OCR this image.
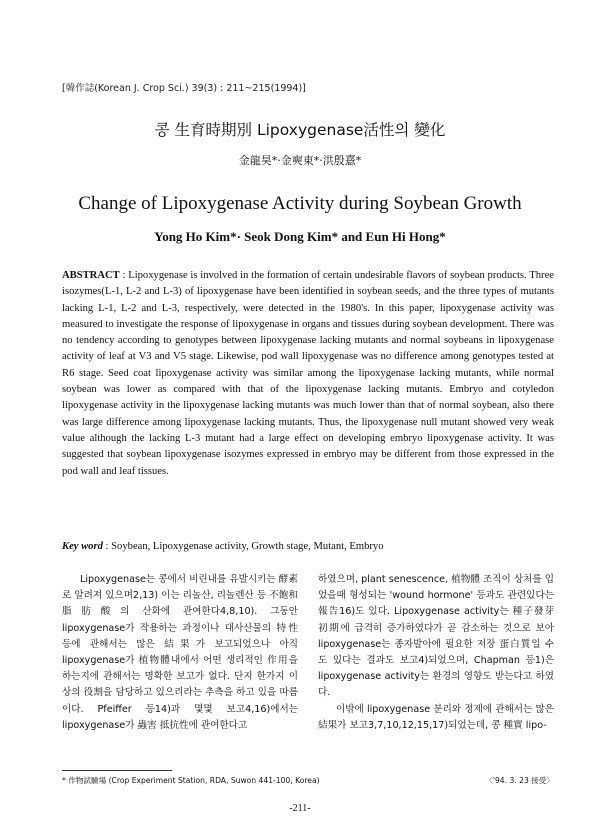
[韓作誌(Korean J. Crop Sci.) 39(3) : 211~215(1994)]
콩 生育時期別 Lipoxygenase活性의 變化
金龍昊*·金奭東*·洪殷憙*
Change of Lipoxygenase Activity during Soybean Growth
Yong Ho Kim*· Seok Dong Kim* and Eun Hi Hong*
ABSTRACT : Lipoxygenase is involved in the formation of certain undesirable flavors of soybean products. Three isozymes(L-1, L-2 and L-3) of lipoxygenase have been identified in soybean seeds, and the three types of mutants lacking L-1, L-2 and L-3, respectively, were detected in the 1980's. In this paper, lipoxygenase activity was measured to investigate the response of lipoxygenase in organs and tissues during soybean development. There was no tendency according to genotypes between lipoxygenase lacking mutants and normal soybeans in lipoxygenase activity of leaf at V3 and V5 stage. Likewise, pod wall lipoxygenase was no difference among genotypes tested at R6 stage. Seed coat lipoxygenase activity was similar among the lipoxygenase lacking mutants, while normal soybean was lower as compared with that of the lipoxygenase lacking mutants. Embryo and cotyledon lipoxygenase activity in the lipoxygenase lacking mutants was much lower than that of normal soybean, also there was large difference among lipoxygenase lacking mutants. Thus, the lipoxygenase null mutant showed very weak value although the lacking L-3 mutant had a large effect on developing embryo lipoxygenase activity. It was suggested that soybean lipoxygenase isozymes expressed in embryo may be different from those expressed in the pod wall and leaf tissues.
Key word : Soybean, Lipoxygenase activity, Growth stage, Mutant, Embryo

Lipoxygenase는 콩에서 비린내를 유발시키는 酵素로 알려져 있으며2,13) 이는 리놀산, 리놀렌산 등 不飽和脂肪酸의 산화에 관여한다4,8,10). 그동안 lipoxygenase가 작용하는 과정이나 대사산물의 特性 등에 관해서는 많은 結果가 보고되었으나 아직 lipoxygenase가 植物體내에서 어떤 생리적인 作用을 하는지에 관해서는 명확한 보고가 없다. 단지 한가지 이상의 役割을 담당하고 있으리라는 추측을 하고 있을 따름이다. Pfeiffer 등14)과 몇몇 보고4,16)에서는 lipoxygenase가 蟲害 抵抗性에 관여한다고

하였으며, plant senescence, 植物體 조직이 상처를 입었을때 형성되는 'wound hormone' 등과도 관련있다는 報告16)도 있다. Lipoxygenase activity는 種子發芽初期에 급격히 증가하였다가 곧 감소하는 것으로 보아 lipoxygenase는 종자발아에 필요한 저장 蛋白質일 수도 있다는 결과도 보고4)되었으며, Chapman 등1)은 lipoxygenase activity는 환경의 영향도 받는다고 하였다.

이밖에 lipoxygenase 분리와 정제에 관해서는 많은 結果가 보고3,7,10,12,15,17)되었는데, 콩 種實 lipo-

* 作物試驗場 (Crop Experiment Station, RDA, Suwon 441-100, Korea)	〈'94. 3. 23 接受〉
-211-
